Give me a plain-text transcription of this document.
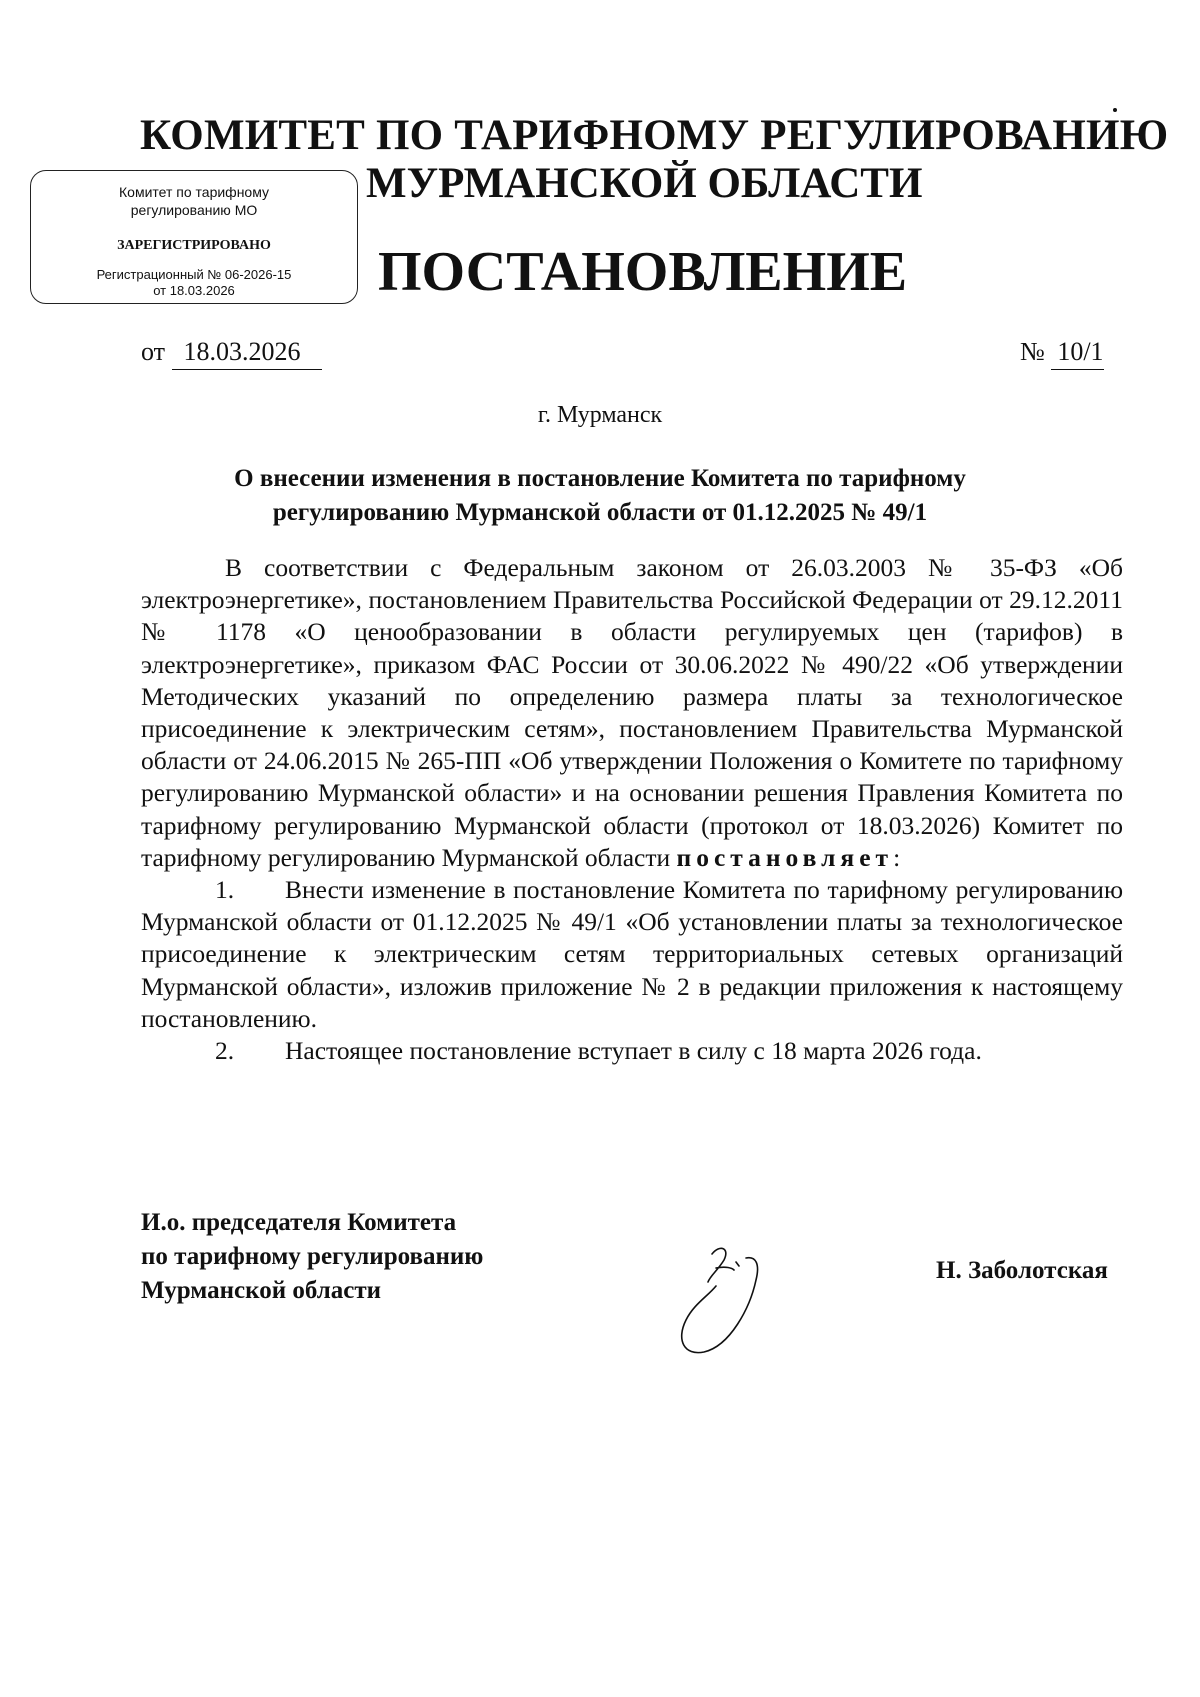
КОМИТЕТ ПО ТАРИФНОМУ РЕГУЛИРОВАНИЮ
МУРМАНСКОЙ ОБЛАСТИ
ПОСТАНОВЛЕНИЕ
Комитет по тарифному
регулированию МО
ЗАРЕГИСТРИРОВАНО
Регистрационный № 06-2026-15
от 18.03.2026
от 18.03.2026	№ 10/1
г. Мурманск
О внесении изменения в постановление Комитета по тарифному
регулированию Мурманской области от 01.12.2025 № 49/1

В соответствии с Федеральным законом от 26.03.2003 № 35-ФЗ «Об электроэнергетике», постановлением Правительства Российской Федерации от 29.12.2011 № 1178 «О ценообразовании в области регулируемых цен (тарифов) в электроэнергетике», приказом ФАС России от 30.06.2022 № 490/22 «Об утверждении Методических указаний по определению размера платы за технологическое присоединение к электрическим сетям», постановлением Правительства Мурманской области от 24.06.2015 № 265-ПП «Об утверждении Положения о Комитете по тарифному регулированию Мурманской области» и на основании решения Правления Комитета по тарифному регулированию Мурманской области (протокол от 18.03.2026) Комитет по тарифному регулированию Мурманской области постановляет:

1. Внести изменение в постановление Комитета по тарифному регулированию Мурманской области от 01.12.2025 № 49/1 «Об установлении платы за технологическое присоединение к электрическим сетям территориальных сетевых организаций Мурманской области», изложив приложение № 2 в редакции приложения к настоящему постановлению.

2. Настоящее постановление вступает в силу с 18 марта 2026 года.

И.о. председателя Комитета
по тарифному регулированию
Мурманской области
Н. Заболотская
